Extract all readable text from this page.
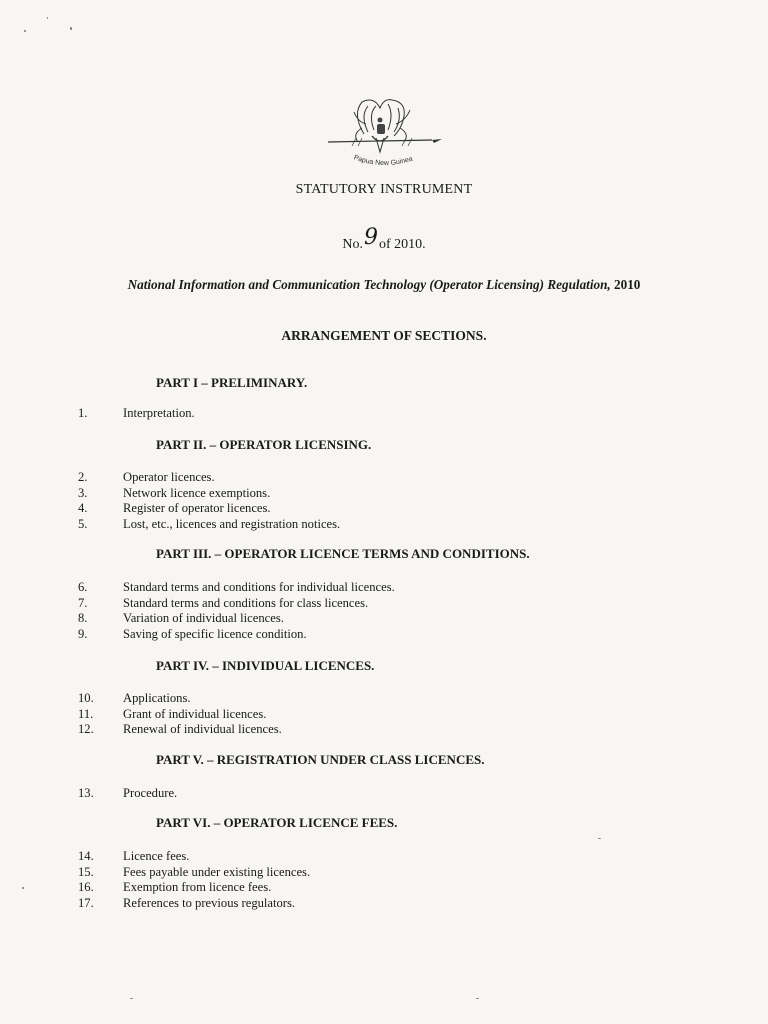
Papua New Guinea
STATUTORY INSTRUMENT
No.9of 2010.
National Information and Communication Technology (Operator Licensing) Regulation, 2010
ARRANGEMENT OF SECTIONS.
PART I – PRELIMINARY.
1.	Interpretation.
PART II. – OPERATOR LICENSING.
2.	Operator licences.
3.	Network licence exemptions.
4.	Register of operator licences.
5.	Lost, etc., licences and registration notices.
PART III. – OPERATOR LICENCE TERMS AND CONDITIONS.
6.	Standard terms and conditions for individual licences.
7.	Standard terms and conditions for class licences.
8.	Variation of individual licences.
9.	Saving of specific licence condition.
PART IV. – INDIVIDUAL LICENCES.
10.	Applications.
11.	Grant of individual licences.
12.	Renewal of individual licences.
PART V. – REGISTRATION UNDER CLASS LICENCES.
13.	Procedure.
PART VI. – OPERATOR LICENCE FEES.
14.	Licence fees.
15.	Fees payable under existing licences.
16.	Exemption from licence fees.
17.	References to previous regulators.
